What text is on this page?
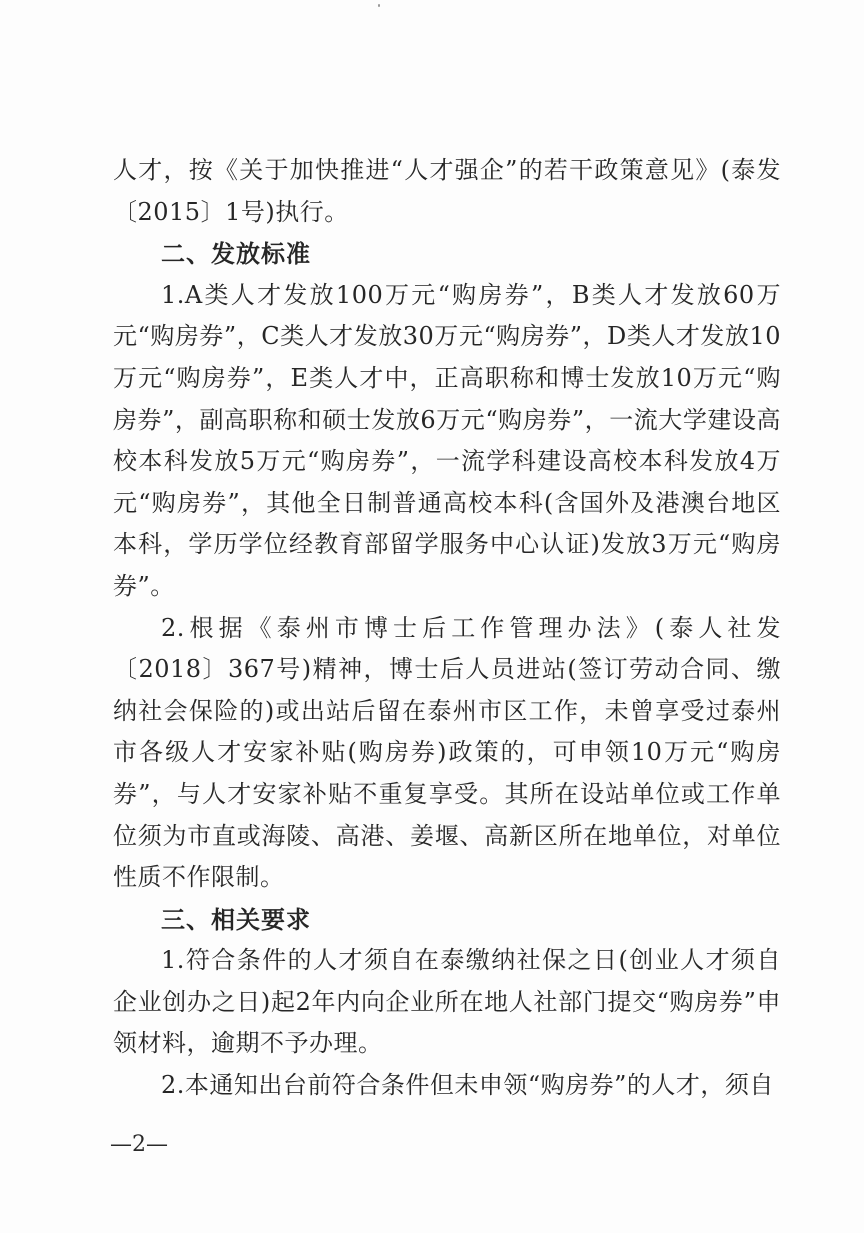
人才，按《关于加快推进“人才强企”的若干政策意见》(泰发〔2015〕1号)执行。

二、发放标准

1.A类人才发放100万元“购房券”，B类人才发放60万元“购房券”，C类人才发放30万元“购房券”，D类人才发放10万元“购房券”，E类人才中，正高职称和博士发放10万元“购房券”，副高职称和硕士发放6万元“购房券”，一流大学建设高校本科发放5万元“购房券”，一流学科建设高校本科发放4万元“购房券”，其他全日制普通高校本科(含国外及港澳台地区本科，学历学位经教育部留学服务中心认证)发放3万元“购房券”。

2.根据《泰州市博士后工作管理办法》(泰人社发〔2018〕367号)精神，博士后人员进站(签订劳动合同、缴纳社会保险的)或出站后留在泰州市区工作，未曾享受过泰州市各级人才安家补贴(购房券)政策的，可申领10万元“购房券”，与人才安家补贴不重复享受。其所在设站单位或工作单位须为市直或海陵、高港、姜堰、高新区所在地单位，对单位性质不作限制。

三、相关要求

1.符合条件的人才须自在泰缴纳社保之日(创业人才须自企业创办之日)起2年内向企业所在地人社部门提交“购房券”申领材料，逾期不予办理。

2.本通知出台前符合条件但未申领“购房券”的人才，须自

—2—
